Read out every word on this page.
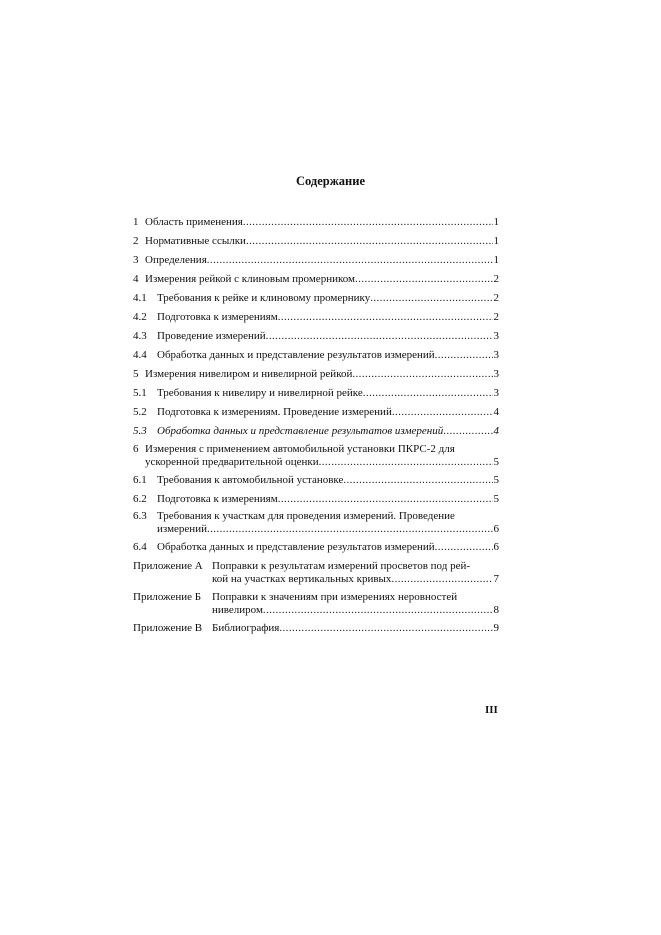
Содержание
1 Область применения .....	1
2 Нормативные ссылки .....	1
3 Определения .....	1
4 Измерения рейкой с клиновым промерником .....	2
4.1 Требования к рейке и клиновому промернику .....	2
4.2 Подготовка к измерениям .....	2
4.3 Проведение измерений .....	3
4.4 Обработка данных и представление результатов измерений .....	3
5 Измерения нивелиром и нивелирной рейкой .....	3
5.1 Требования к нивелиру и нивелирной рейке .....	3
5.2 Подготовка к измерениям. Проведение измерений .....	4
5.3 Обработка данных и представление результатов измерений .....	4
6 Измерения с применением автомобильной установки ПКРС-2 для
ускоренной предварительной оценки .....	5
6.1 Требования к автомобильной установке .....	5
6.2 Подготовка к измерениям .....	5
6.3 Требования к участкам для проведения измерений. Проведение
измерений .....	6
6.4 Обработка данных и представление результатов измерений .....	6
Приложение А Поправки к результатам измерений просветов под рей-
кой на участках вертикальных кривых .....	7
Приложение Б Поправки к значениям при измерениях неровностей
нивелиром .....	8
Приложение В Библиография .....	9
III
